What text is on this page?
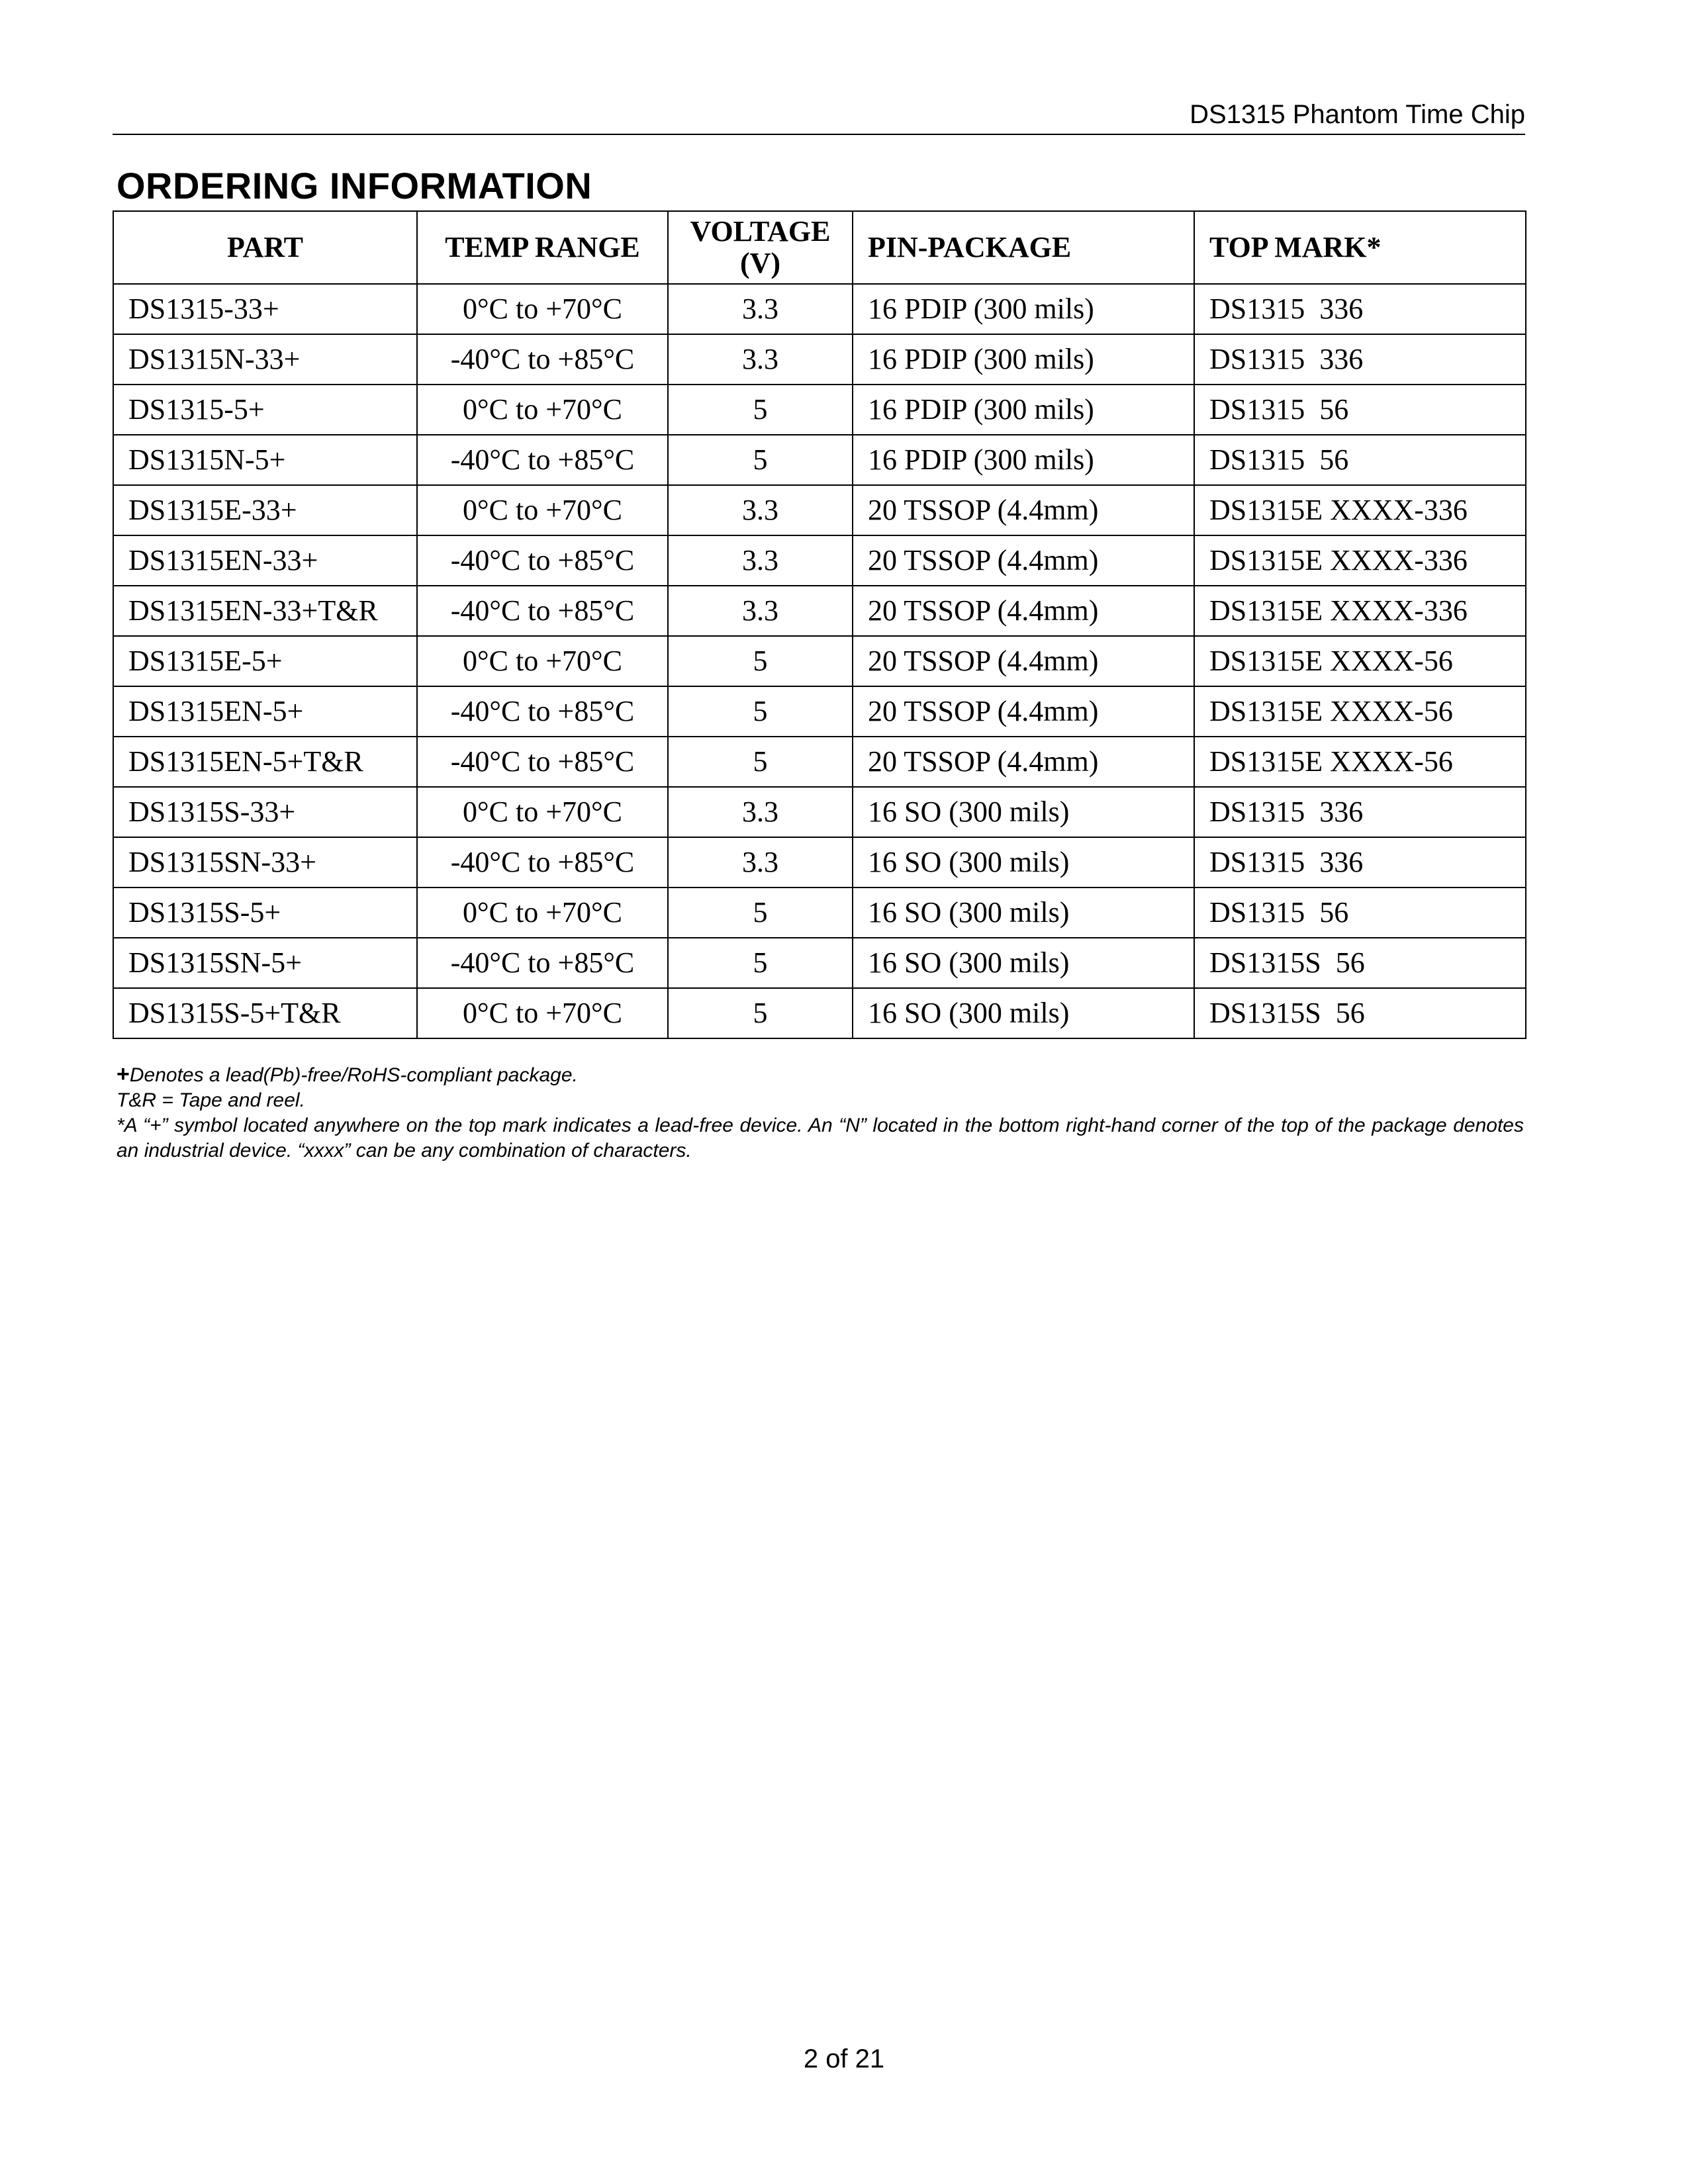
DS1315 Phantom Time Chip
ORDERING INFORMATION
PART	TEMP RANGE	VOLTAGE (V)	PIN-PACKAGE	TOP MARK*
DS1315-33+	0°C to +70°C	3.3	16 PDIP (300 mils)	DS1315  336
DS1315N-33+	-40°C to +85°C	3.3	16 PDIP (300 mils)	DS1315  336
DS1315-5+	0°C to +70°C	5	16 PDIP (300 mils)	DS1315  56
DS1315N-5+	-40°C to +85°C	5	16 PDIP (300 mils)	DS1315  56
DS1315E-33+	0°C to +70°C	3.3	20 TSSOP (4.4mm)	DS1315E XXXX-336
DS1315EN-33+	-40°C to +85°C	3.3	20 TSSOP (4.4mm)	DS1315E XXXX-336
DS1315EN-33+T&R	-40°C to +85°C	3.3	20 TSSOP (4.4mm)	DS1315E XXXX-336
DS1315E-5+	0°C to +70°C	5	20 TSSOP (4.4mm)	DS1315E XXXX-56
DS1315EN-5+	-40°C to +85°C	5	20 TSSOP (4.4mm)	DS1315E XXXX-56
DS1315EN-5+T&R	-40°C to +85°C	5	20 TSSOP (4.4mm)	DS1315E XXXX-56
DS1315S-33+	0°C to +70°C	3.3	16 SO (300 mils)	DS1315  336
DS1315SN-33+	-40°C to +85°C	3.3	16 SO (300 mils)	DS1315  336
DS1315S-5+	0°C to +70°C	5	16 SO (300 mils)	DS1315  56
DS1315SN-5+	-40°C to +85°C	5	16 SO (300 mils)	DS1315S  56
DS1315S-5+T&R	0°C to +70°C	5	16 SO (300 mils)	DS1315S  56

+Denotes a lead(Pb)-free/RoHS-compliant package.

T&R = Tape and reel.

*A “+” symbol located anywhere on the top mark indicates a lead-free device. An “N” located in the bottom right-hand corner of the top of the package denotes an industrial device. “xxxx” can be any combination of characters.

2 of 21
